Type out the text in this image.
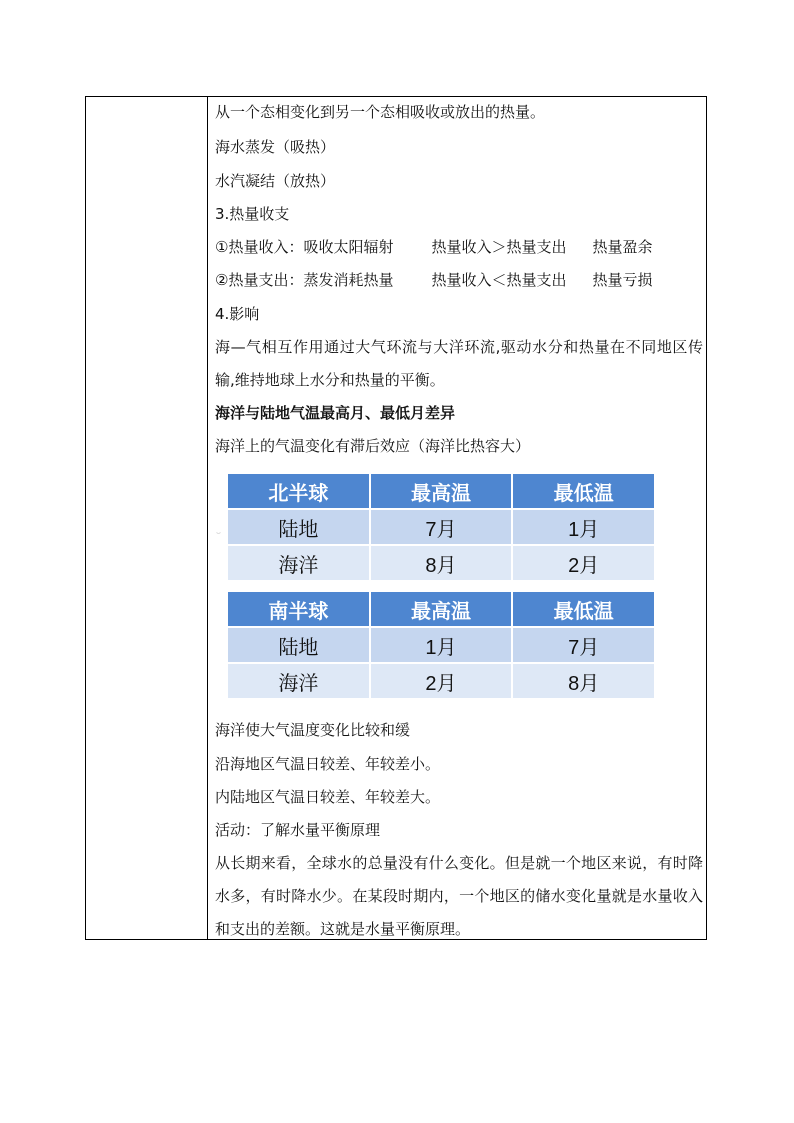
从一个态相变化到另一个态相吸收或放出的热量。
海水蒸发（吸热）
水汽凝结（放热）
3.热量收支
①热量收入：吸收太阳辐射	热量收入＞热量支出 热量盈余
②热量支出：蒸发消耗热量	热量收入＜热量支出 热量亏损
4.影响
海—气相互作用通过大气环流与大洋环流,驱动水分和热量在不同地区传输,维持地球上水分和热量的平衡。
海洋与陆地气温最高月、最低月差异
海洋上的气温变化有滞后效应（海洋比热容大）
˘
北半球	最高温	最低温
陆地	7月	1月
海洋	8月	2月
南半球	最高温	最低温
陆地	1月	7月
海洋	2月	8月
海洋使大气温度变化比较和缓
沿海地区气温日较差、年较差小。
内陆地区气温日较差、年较差大。
活动：了解水量平衡原理
从长期来看，全球水的总量没有什么变化。但是就一个地区来说，有时降水多，有时降水少。在某段时期内，一个地区的储水变化量就是水量收入和支出的差额。这就是水量平衡原理。
